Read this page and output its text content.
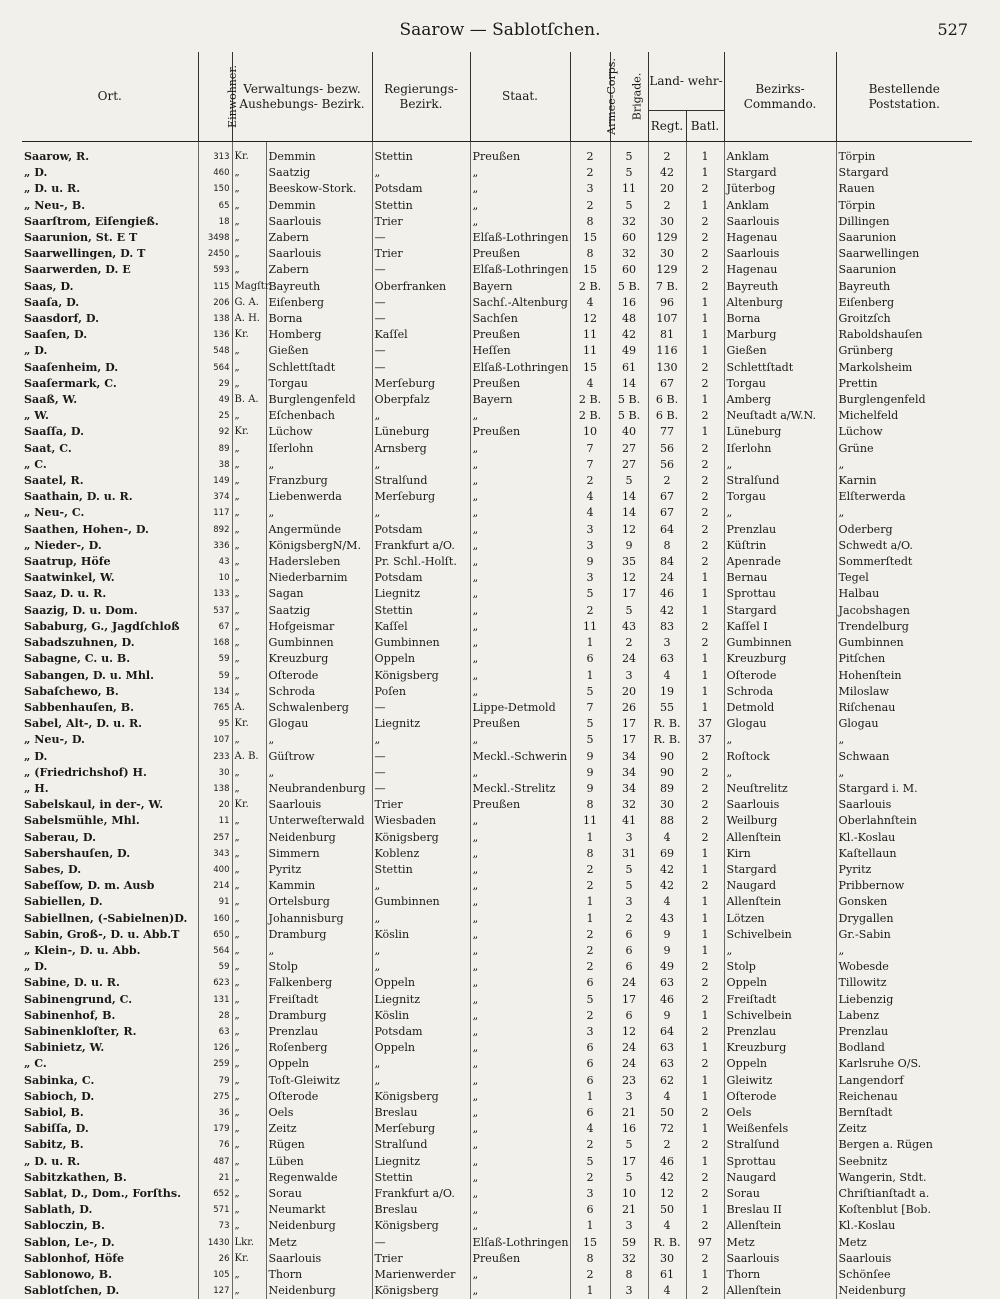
Saarow — Sablotſchen.	527
Ort.	Einwohner.	Verwaltungs- bezw. Aushebungs- Bezirk.		Regierungs- Bezirk.	Staat.	Armee-Corps.	Brigade.	Land- wehr-
Regt. Batl.		Bezirks- Commando.	Bestellende Poststation.

Saarow, R.	313	Kr.	Demmin	Stettin	Preußen	2	5	2	1	Anklam	Törpin
„ D.	460	„	Saatzig	„	„	2	5	42	1	Stargard	Stargard
„ D. u. R.	150	„	Beeskow-Stork.	Potsdam	„	3	11	20	2	Jüterbog	Rauen
„ Neu-, B.	65	„	Demmin	Stettin	„	2	5	2	1	Anklam	Törpin
Saarſtrom, Eiſengieß.	18	„	Saarlouis	Trier	„	8	32	30	2	Saarlouis	Dillingen
Saarunion, St. E T	3498	„	Zabern	—	Elſaß-Lothringen	15	60	129	2	Hagenau	Saarunion
Saarwellingen, D. T	2450	„	Saarlouis	Trier	Preußen	8	32	30	2	Saarlouis	Saarwellingen
Saarwerden, D. E	593	„	Zabern	—	Elſaß-Lothringen	15	60	129	2	Hagenau	Saarunion
Saas, D.	115	Magſtr.	Bayreuth	Oberfranken	Bayern	2 B.	5 B.	7 B.	2	Bayreuth	Bayreuth
Saaſa, D.	206	G. A.	Eiſenberg	—	Sachſ.-Altenburg	4	16	96	1	Altenburg	Eiſenberg
Saasdorf, D.	138	A. H.	Borna	—	Sachſen	12	48	107	1	Borna	Groitzſch
Saaſen, D.	136	Kr.	Homberg	Kaſſel	Preußen	11	42	81	1	Marburg	Raboldshauſen
„ D.	548	„	Gießen	—	Heſſen	11	49	116	1	Gießen	Grünberg
Saaſenheim, D.	564	„	Schlettſtadt	—	Elſaß-Lothringen	15	61	130	2	Schlettſtadt	Markolsheim
Saaſermark, C.	29	„	Torgau	Merſeburg	Preußen	4	14	67	2	Torgau	Prettin
Saaß, W.	49	B. A.	Burglengenfeld	Oberpfalz	Bayern	2 B.	5 B.	6 B.	1	Amberg	Burglengenfeld
„ W.	25	„	Eſchenbach	„	„	2 B.	5 B.	6 B.	2	Neuſtadt a/W.N.	Michelfeld
Saaſſa, D.	92	Kr.	Lüchow	Lüneburg	Preußen	10	40	77	1	Lüneburg	Lüchow
Saat, C.	89	„	Iſerlohn	Arnsberg	„	7	27	56	2	Iſerlohn	Grüne
„ C.	38	„	„	„	„	7	27	56	2	„	„
Saatel, R.	149	„	Franzburg	Stralſund	„	2	5	2	2	Stralſund	Karnin
Saathain, D. u. R.	374	„	Liebenwerda	Merſeburg	„	4	14	67	2	Torgau	Elſterwerda
„ Neu-, C.	117	„	„	„	„	4	14	67	2	„	„
Saathen, Hohen-, D.	892	„	Angermünde	Potsdam	„	3	12	64	2	Prenzlau	Oderberg
„ Nieder-, D.	336	„	KönigsbergN/M.	Frankfurt a/O.	„	3	9	8	2	Küſtrin	Schwedt a/O.
Saatrup, Höfe	43	„	Hadersleben	Pr. Schl.-Holſt.	„	9	35	84	2	Apenrade	Sommerſtedt
Saatwinkel, W.	10	„	Niederbarnim	Potsdam	„	3	12	24	1	Bernau	Tegel
Saaz, D. u. R.	133	„	Sagan	Liegnitz	„	5	17	46	1	Sprottau	Halbau
Saazig, D. u. Dom.	537	„	Saatzig	Stettin	„	2	5	42	1	Stargard	Jacobshagen
Sababurg, G., Jagdſchloß	67	„	Hofgeismar	Kaſſel	„	11	43	83	2	Kaſſel I	Trendelburg
Sabadszuhnen, D.	168	„	Gumbinnen	Gumbinnen	„	1	2	3	2	Gumbinnen	Gumbinnen
Sabagne, C. u. B.	59	„	Kreuzburg	Oppeln	„	6	24	63	1	Kreuzburg	Pitſchen
Sabangen, D. u. Mhl.	59	„	Oſterode	Königsberg	„	1	3	4	1	Oſterode	Hohenſtein
Sabaſchewo, B.	134	„	Schroda	Poſen	„	5	20	19	1	Schroda	Miloslaw
Sabbenhauſen, B.	765	A.	Schwalenberg	—	Lippe-Detmold	7	26	55	1	Detmold	Riſchenau
Sabel, Alt-, D. u. R.	95	Kr.	Glogau	Liegnitz	Preußen	5	17	R. B.	37	Glogau	Glogau
„ Neu-, D.	107	„	„	„	„	5	17	R. B.	37	„	„
„ D.	233	A. B.	Güſtrow	—	Meckl.-Schwerin	9	34	90	2	Roſtock	Schwaan
„ (Friedrichshof) H.	30	„	„	—	„	9	34	90	2	„	„
„ H.	138	„	Neubrandenburg	—	Meckl.-Strelitz	9	34	89	2	Neuſtrelitz	Stargard i. M.
Sabelskaul, in der-, W.	20	Kr.	Saarlouis	Trier	Preußen	8	32	30	2	Saarlouis	Saarlouis
Sabelsmühle, Mhl.	11	„	Unterweſterwald	Wiesbaden	„	11	41	88	2	Weilburg	Oberlahnſtein
Saberau, D.	257	„	Neidenburg	Königsberg	„	1	3	4	2	Allenſtein	Kl.-Koslau
Sabershauſen, D.	343	„	Simmern	Koblenz	„	8	31	69	1	Kirn	Kaſtellaun
Sabes, D.	400	„	Pyritz	Stettin	„	2	5	42	1	Stargard	Pyritz
Sabeſſow, D. m. Ausb	214	„	Kammin	„	„	2	5	42	2	Naugard	Pribbernow
Sabiellen, D.	91	„	Ortelsburg	Gumbinnen	„	1	3	4	1	Allenſtein	Gonsken
Sabiellnen, (-Sabielnen)D.	160	„	Johannisburg	„	„	1	2	43	1	Lötzen	Drygallen
Sabin, Groß-, D. u. Abb.T	650	„	Dramburg	Köslin	„	2	6	9	1	Schivelbein	Gr.-Sabin
„ Klein-, D. u. Abb.	564	„	„	„	„	2	6	9	1	„	„
„ D.	59	„	Stolp	„	„	2	6	49	2	Stolp	Wobesde
Sabine, D. u. R.	623	„	Falkenberg	Oppeln	„	6	24	63	2	Oppeln	Tillowitz
Sabinengrund, C.	131	„	Freiſtadt	Liegnitz	„	5	17	46	2	Freiſtadt	Liebenzig
Sabinenhof, B.	28	„	Dramburg	Köslin	„	2	6	9	1	Schivelbein	Labenz
Sabinenkloſter, R.	63	„	Prenzlau	Potsdam	„	3	12	64	2	Prenzlau	Prenzlau
Sabinietz, W.	126	„	Roſenberg	Oppeln	„	6	24	63	1	Kreuzburg	Bodland
„ C.	259	„	Oppeln	„	„	6	24	63	2	Oppeln	Karlsruhe O/S.
Sabinka, C.	79	„	Toſt-Gleiwitz	„	„	6	23	62	1	Gleiwitz	Langendorf
Sabioch, D.	275	„	Oſterode	Königsberg	„	1	3	4	1	Oſterode	Reichenau
Sabiol, B.	36	„	Oels	Breslau	„	6	21	50	2	Oels	Bernſtadt
Sabiſſa, D.	179	„	Zeitz	Merſeburg	„	4	16	72	1	Weißenfels	Zeitz
Sabitz, B.	76	„	Rügen	Stralſund	„	2	5	2	2	Stralſund	Bergen a. Rügen
„ D. u. R.	487	„	Lüben	Liegnitz	„	5	17	46	1	Sprottau	Seebnitz
Sabitzkathen, B.	21	„	Regenwalde	Stettin	„	2	5	42	2	Naugard	Wangerin, Stdt.
Sablat, D., Dom., Forſths.	652	„	Sorau	Frankfurt a/O.	„	3	10	12	2	Sorau	Chriſtianſtadt a.
Sablath, D.	571	„	Neumarkt	Breslau	„	6	21	50	1	Breslau II	Koſtenblut [Bob.
Sabloczin, B.	73	„	Neidenburg	Königsberg	„	1	3	4	2	Allenſtein	Kl.-Koslau
Sablon, Le-, D.	1430	Lkr.	Metz	—	Elſaß-Lothringen	15	59	R. B.	97	Metz	Metz
Sablonhof, Höfe	26	Kr.	Saarlouis	Trier	Preußen	8	32	30	2	Saarlouis	Saarlouis
Sablonowo, B.	105	„	Thorn	Marienwerder	„	2	8	61	1	Thorn	Schönſee
Sablotſchen, D.	127	„	Neidenburg	Königsberg	„	1	3	4	2	Allenſtein	Neidenburg
